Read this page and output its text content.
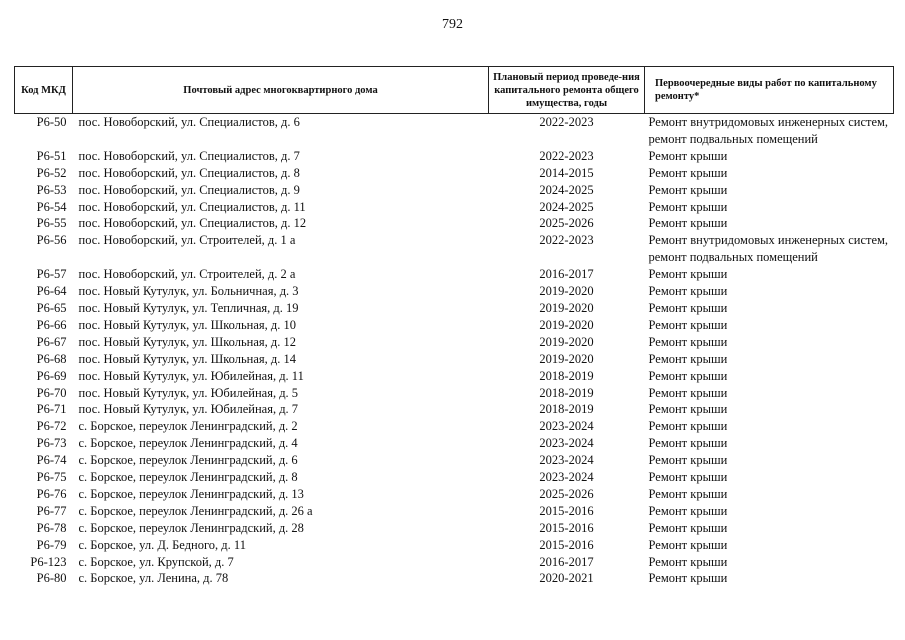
792
Код МКД	Почтовый адрес многоквартирного дома	Плановый период проведе-ния капитального ремонта общего имущества, годы	Первоочередные виды работ по капитальному ремонту*
Р6-50	пос. Новоборский, ул. Специалистов, д. 6	2022-2023	Ремонт внутридомовых инженерных систем,
ремонт подвальных помещений

Р6-51	пос. Новоборский, ул. Специалистов, д. 7	2022-2023	Ремонт крыши

Р6-52	пос. Новоборский, ул. Специалистов, д. 8	2014-2015	Ремонт крыши

Р6-53	пос. Новоборский, ул. Специалистов, д. 9	2024-2025	Ремонт крыши

Р6-54	пос. Новоборский, ул. Специалистов, д. 11	2024-2025	Ремонт крыши

Р6-55	пос. Новоборский, ул. Специалистов, д. 12	2025-2026	Ремонт крыши

Р6-56	пос. Новоборский, ул. Строителей, д. 1 а	2022-2023	Ремонт внутридомовых инженерных систем,
ремонт подвальных помещений

Р6-57	пос. Новоборский, ул. Строителей, д. 2 а	2016-2017	Ремонт крыши

Р6-64	пос. Новый Кутулук, ул. Больничная, д. 3	2019-2020	Ремонт крыши

Р6-65	пос. Новый Кутулук, ул. Тепличная, д. 19	2019-2020	Ремонт крыши

Р6-66	пос. Новый Кутулук, ул. Школьная, д. 10	2019-2020	Ремонт крыши

Р6-67	пос. Новый Кутулук, ул. Школьная, д. 12	2019-2020	Ремонт крыши

Р6-68	пос. Новый Кутулук, ул. Школьная, д. 14	2019-2020	Ремонт крыши

Р6-69	пос. Новый Кутулук, ул. Юбилейная, д. 11	2018-2019	Ремонт крыши

Р6-70	пос. Новый Кутулук, ул. Юбилейная, д. 5	2018-2019	Ремонт крыши

Р6-71	пос. Новый Кутулук, ул. Юбилейная, д. 7	2018-2019	Ремонт крыши

Р6-72	с. Борское, переулок Ленинградский, д. 2	2023-2024	Ремонт крыши

Р6-73	с. Борское, переулок Ленинградский, д. 4	2023-2024	Ремонт крыши

Р6-74	с. Борское, переулок Ленинградский, д. 6	2023-2024	Ремонт крыши

Р6-75	с. Борское, переулок Ленинградский, д. 8	2023-2024	Ремонт крыши

Р6-76	с. Борское, переулок Ленинградский, д. 13	2025-2026	Ремонт крыши

Р6-77	с. Борское, переулок Ленинградский, д. 26 а	2015-2016	Ремонт крыши

Р6-78	с. Борское, переулок Ленинградский, д. 28	2015-2016	Ремонт крыши

Р6-79	с. Борское, ул. Д. Бедного, д. 11	2015-2016	Ремонт крыши

Р6-123	с. Борское, ул. Крупской, д. 7	2016-2017	Ремонт крыши

Р6-80	с. Борское, ул. Ленина, д. 78	2020-2021	Ремонт крыши
